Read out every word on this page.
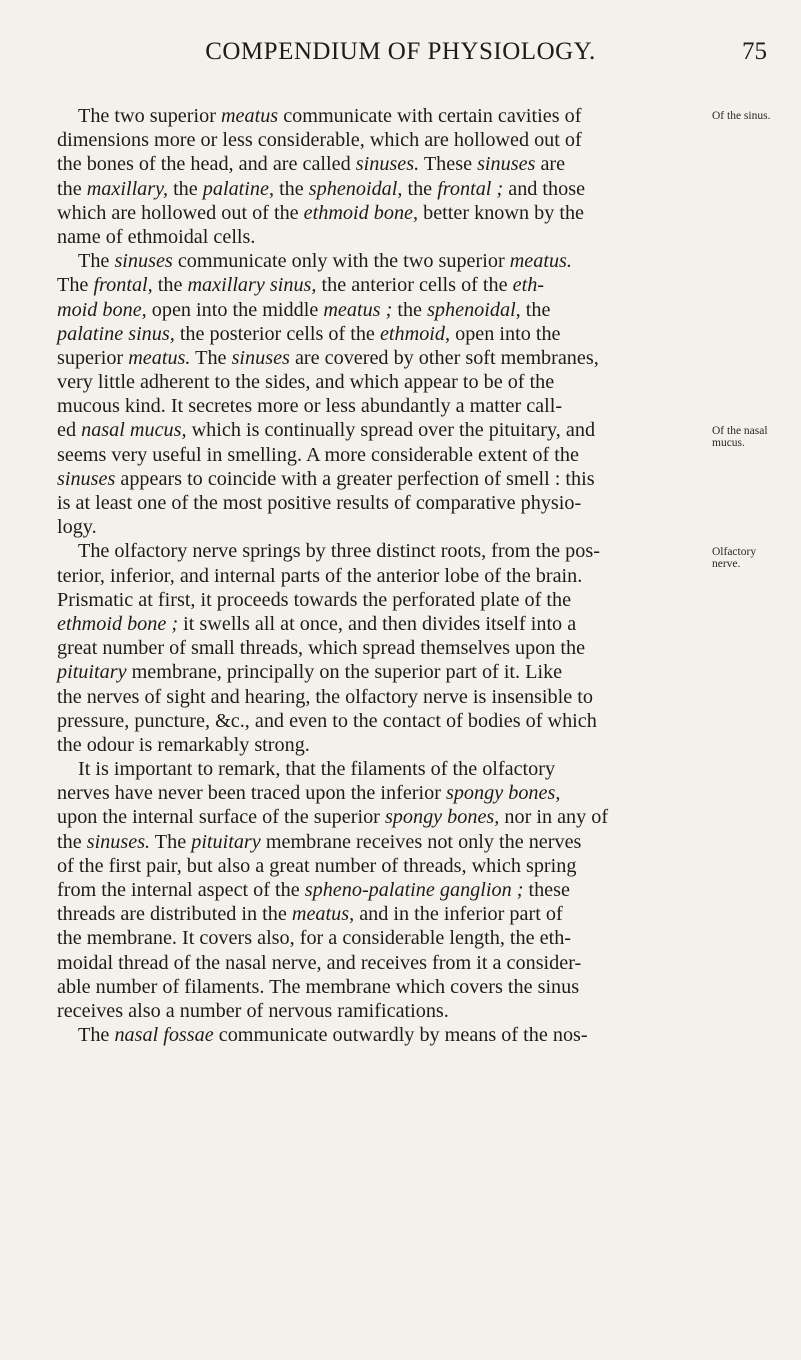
COMPENDIUM OF PHYSIOLOGY.	75
The two superior meatus communicate with certain cavities of
dimensions more or less considerable, which are hollowed out of
the bones of the head, and are called sinuses. These sinuses are
the maxillary, the palatine, the sphenoidal, the frontal ; and those
which are hollowed out of the ethmoid bone, better known by the
name of ethmoidal cells.
The sinuses communicate only with the two superior meatus.
The frontal, the maxillary sinus, the anterior cells of the eth-
moid bone, open into the middle meatus ; the sphenoidal, the
palatine sinus, the posterior cells of the ethmoid, open into the
superior meatus. The sinuses are covered by other soft membranes,
very little adherent to the sides, and which appear to be of the
mucous kind. It secretes more or less abundantly a matter call-
ed nasal mucus, which is continually spread over the pituitary, and
seems very useful in smelling. A more considerable extent of the
sinuses appears to coincide with a greater perfection of smell : this
is at least one of the most positive results of comparative physio-
logy.
The olfactory nerve springs by three distinct roots, from the pos-
terior, inferior, and internal parts of the anterior lobe of the brain.
Prismatic at first, it proceeds towards the perforated plate of the
ethmoid bone ; it swells all at once, and then divides itself into a
great number of small threads, which spread themselves upon the
pituitary membrane, principally on the superior part of it. Like
the nerves of sight and hearing, the olfactory nerve is insensible to
pressure, puncture, &c., and even to the contact of bodies of which
the odour is remarkably strong.
It is important to remark, that the filaments of the olfactory
nerves have never been traced upon the inferior spongy bones,
upon the internal surface of the superior spongy bones, nor in any of
the sinuses. The pituitary membrane receives not only the nerves
of the first pair, but also a great number of threads, which spring
from the internal aspect of the spheno-palatine ganglion ; these
threads are distributed in the meatus, and in the inferior part of
the membrane. It covers also, for a considerable length, the eth-
moidal thread of the nasal nerve, and receives from it a consider-
able number of filaments. The membrane which covers the sinus
receives also a number of nervous ramifications.
The nasal fossae communicate outwardly by means of the nos-
Of the sinus.
Of the nasal
mucus.
Olfactory
nerve.
